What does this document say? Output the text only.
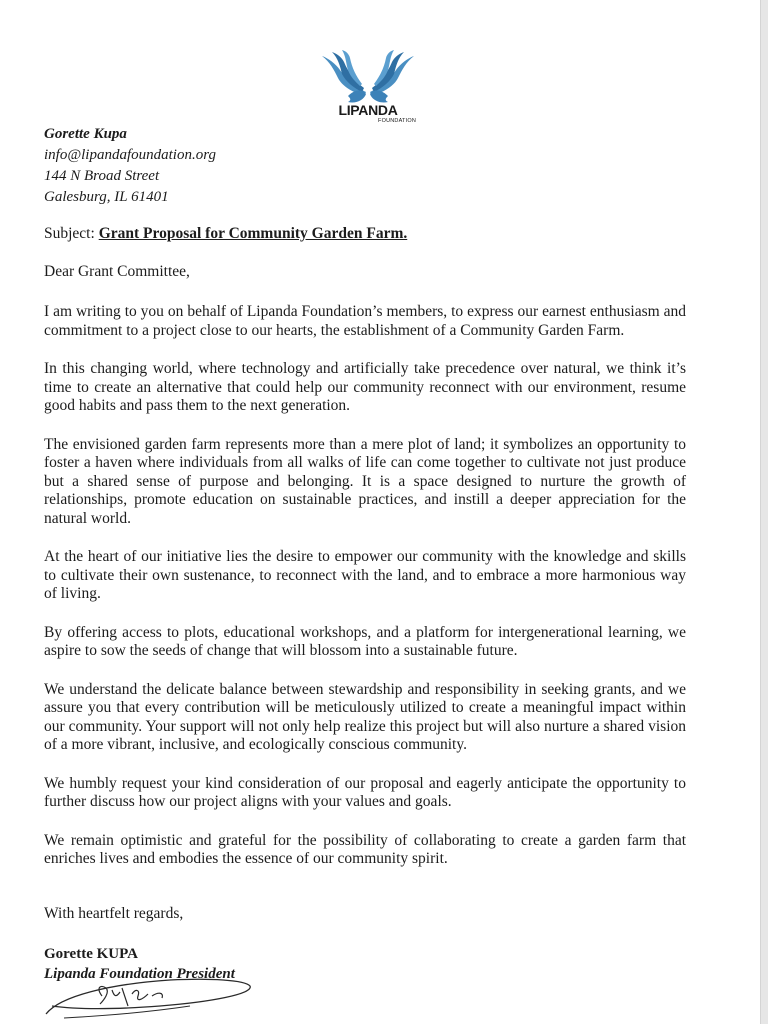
LIPANDA
FOUNDATION
Gorette Kupa
info@lipandafoundation.org
144 N Broad Street
Galesburg, IL 61401
Subject: Grant Proposal for Community Garden Farm.
Dear Grant Committee,

I am writing to you on behalf of Lipanda Foundation’s members, to express our earnest enthusiasm and commitment to a project close to our hearts, the establishment of a Community Garden Farm.

In this changing world, where technology and artificially take precedence over natural, we think it’s time to create an alternative that could help our community reconnect with our environment, resume good habits and pass them to the next generation.

The envisioned garden farm represents more than a mere plot of land; it symbolizes an opportunity to foster a haven where individuals from all walks of life can come together to cultivate not just produce but a shared sense of purpose and belonging. It is a space designed to nurture the growth of relationships, promote education on sustainable practices, and instill a deeper appreciation for the natural world.

At the heart of our initiative lies the desire to empower our community with the knowledge and skills to cultivate their own sustenance, to reconnect with the land, and to embrace a more harmonious way of living.

By offering access to plots, educational workshops, and a platform for intergenerational learning, we aspire to sow the seeds of change that will blossom into a sustainable future.

We understand the delicate balance between stewardship and responsibility in seeking grants, and we assure you that every contribution will be meticulously utilized to create a meaningful impact within our community. Your support will not only help realize this project but will also nurture a shared vision of a more vibrant, inclusive, and ecologically conscious community.

We humbly request your kind consideration of our proposal and eagerly anticipate the opportunity to further discuss how our project aligns with your values and goals.

We remain optimistic and grateful for the possibility of collaborating to create a garden farm that enriches lives and embodies the essence of our community spirit.

With heartfelt regards,
Gorette KUPA
Lipanda Foundation President
